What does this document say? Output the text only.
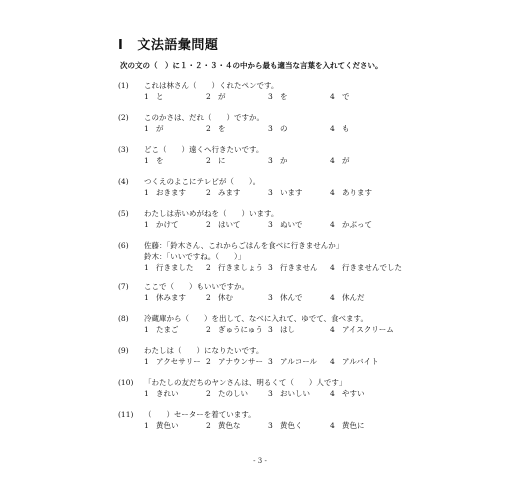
I 文法語彙問題
次の文の（　）に１・２・３・４の中から最も適当な言葉を入れてください。
(1)	これは林さん（　　）くれたペンです。
1 と	2 が	3 を	4 で
(2)	このかさは、だれ（　　）ですか。
1 が	2 を	3 の	4 も
(3)	どこ（　　）遠くへ行きたいです。
1 を	2 に	3 か	4 が
(4)	つくえのよこにテレビが（　　）。
1 おきます	2 みます	3 います	4 あります
(5)	わたしは赤いめがねを（　　）います。
1 かけて	2 はいて	3 ぬいで	4 かぶって
(6)	佐藤：「鈴木さん、これからごはんを食べに行きませんか」
鈴木：「いいですね。（　　）」
1 行きました	2 行きましょう 3 行きません	4 行きませんでした
(7)	ここで（　　）もいいですか。
1 休みます	2 休む	3 休んで	4 休んだ
(8)	冷蔵庫から（　　）を出して、なべに入れて、ゆでて、食べます。
1 たまご	2 ぎゅうにゅう 3 はし	4 アイスクリーム
(9)	わたしは（　　）になりたいです。
1 アクセサリー 2 アナウンサー 3 アルコール	4 アルバイト
(10)	「わたしの友だちのヤンさんは、明るくて（　　）人です」
1 きれい	2 たのしい	3 おいしい	4 やすい
(11)	（　　）セーターを着ています。
1 黄色い	2 黄色な	3 黄色く	4 黄色に
- 3 -
